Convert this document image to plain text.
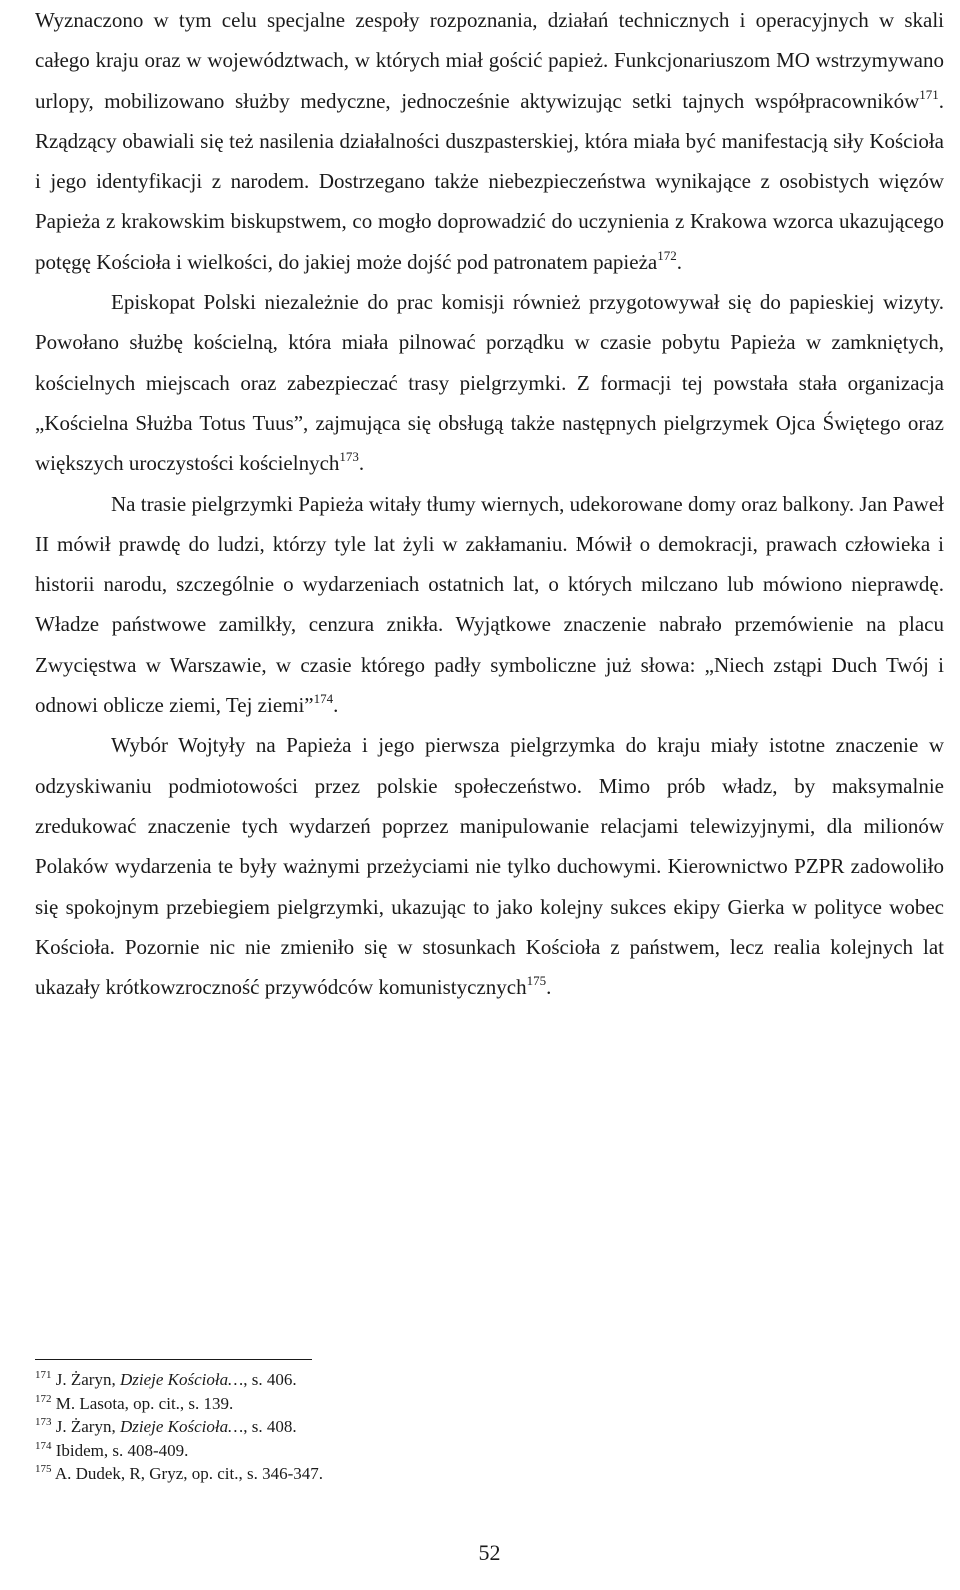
Wyznaczono w tym celu specjalne zespoły rozpoznania, działań technicznych i operacyjnych w skali całego kraju oraz w województwach, w których miał gościć papież. Funkcjonariuszom MO wstrzymywano urlopy, mobilizowano służby medyczne, jednocześnie aktywizując setki tajnych współpracowników$^{171}$. Rządzący obawiali się też nasilenia działalności duszpasterskiej, która miała być manifestacją siły Kościoła i jego identyfikacji z narodem. Dostrzegano także niebezpieczeństwa wynikające z osobistych więzów Papieża z krakowskim biskupstwem, co mogło doprowadzić do uczynienia z Krakowa wzorca ukazującego potęgę Kościoła i wielkości, do jakiej może dojść pod patronatem papieża$^{172}$.

Episkopat Polski niezależnie do prac komisji również przygotowywał się do papieskiej wizyty. Powołano służbę kościelną, która miała pilnować porządku w czasie pobytu Papieża w zamkniętych, kościelnych miejscach oraz zabezpieczać trasy pielgrzymki. Z formacji tej powstała stała organizacja „Kościelna Służba Totus Tuus”, zajmująca się obsługą także następnych pielgrzymek Ojca Świętego oraz większych uroczystości kościelnych$^{173}$.

Na trasie pielgrzymki Papieża witały tłumy wiernych, udekorowane domy oraz balkony. Jan Paweł II mówił prawdę do ludzi, którzy tyle lat żyli w zakłamaniu. Mówił o demokracji, prawach człowieka i historii narodu, szczególnie o wydarzeniach ostatnich lat, o których milczano lub mówiono nieprawdę. Władze państwowe zamilkły, cenzura znikła. Wyjątkowe znaczenie nabrało przemówienie na placu Zwycięstwa w Warszawie, w czasie którego padły symboliczne już słowa: „Niech zstąpi Duch Twój i odnowi oblicze ziemi, Tej ziemi”$^{174}$.

Wybór Wojtyły na Papieża i jego pierwsza pielgrzymka do kraju miały istotne znaczenie w odzyskiwaniu podmiotowości przez polskie społeczeństwo. Mimo prób władz, by maksymalnie zredukować znaczenie tych wydarzeń poprzez manipulowanie relacjami telewizyjnymi, dla milionów Polaków wydarzenia te były ważnymi przeżyciami nie tylko duchowymi. Kierownictwo PZPR zadowoliło się spokojnym przebiegiem pielgrzymki, ukazując to jako kolejny sukces ekipy Gierka w polityce wobec Kościoła. Pozornie nic nie zmieniło się w stosunkach Kościoła z państwem, lecz realia kolejnych lat ukazały krótkowzroczność przywódców komunistycznych$^{175}$.

$^{171}$ J. Żaryn, Dzieje Kościoła…, s. 406.
$^{172}$ M. Lasota, op. cit., s. 139.
$^{173}$ J. Żaryn, Dzieje Kościoła…, s. 408.
$^{174}$ Ibidem, s. 408-409.
$^{175}$ A. Dudek, R, Gryz, op. cit., s. 346-347.
52
